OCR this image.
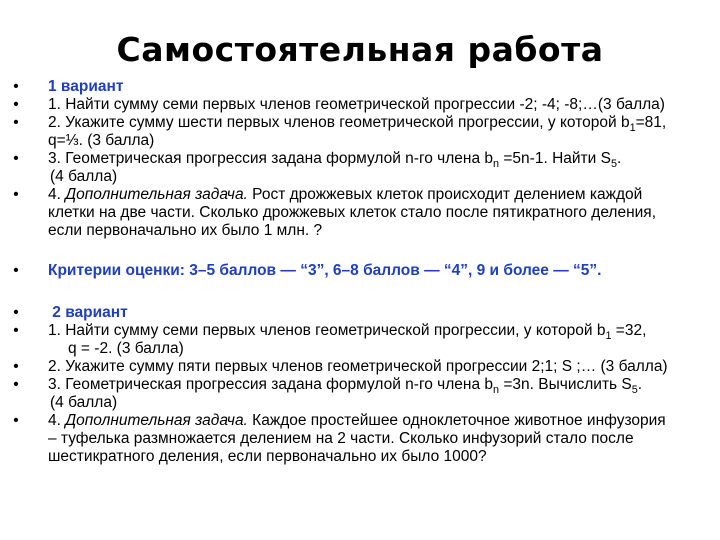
Самостоятельная работа
• 1 вариант
• 1. Найти сумму семи первых членов геометрической прогрессии -2; -4; -8;…(3 балла)
• 2. Укажите сумму шести первых членов геометрической прогрессии, у которой $b_1=81$,
q=⅓. (3 балла)
• 3. Геометрическая прогрессия задана формулой n-го члена $b_n =5n-1$. Найти $S_5$.
(4 балла)
• 4. Дополнительная задача. Рост дрожжевых клеток происходит делением каждой
клетки на две части. Сколько дрожжевых клеток стало после пятикратного деления,
если первоначально их было 1 млн. ?
• Критерии оценки: 3–5 баллов — “3”, 6–8 баллов — “4”, 9 и более — “5”.
• 2 вариант
• 1. Найти сумму семи первых членов геометрической прогрессии, у которой $b_1 =32$,
q = -2. (3 балла)
• 2. Укажите сумму пяти первых членов геометрической прогрессии 2;1; S ;… (3 балла)
• 3. Геометрическая прогрессия задана формулой n-го члена $b_n =3n$. Вычислить $S_5$.
(4 балла)
• 4. Дополнительная задача. Каждое простейшее одноклеточное животное инфузория
– туфелька размножается делением на 2 части. Сколько инфузорий стало после
шестикратного деления, если первоначально их было 1000?
